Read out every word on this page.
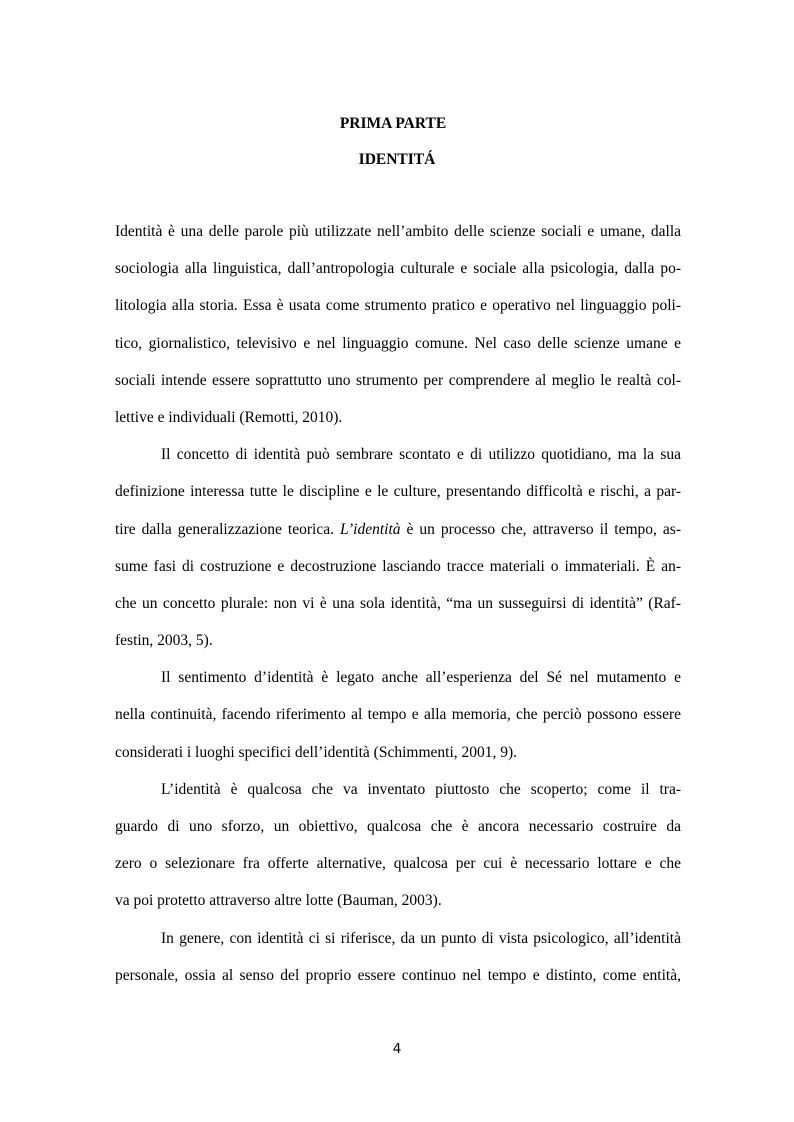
PRIMA PARTE
IDENTITÁ
Identità è una delle parole più utilizzate nell’ambito delle scienze sociali e umane, dalla
sociologia alla linguistica, dall’antropologia culturale e sociale alla psicologia, dalla po-
litologia alla storia. Essa è usata come strumento pratico e operativo nel linguaggio poli-
tico, giornalistico, televisivo e nel linguaggio comune. Nel caso delle scienze umane e
sociali intende essere soprattutto uno strumento per comprendere al meglio le realtà col-
lettive e individuali (Remotti, 2010).
Il concetto di identità può sembrare scontato e di utilizzo quotidiano, ma la sua
definizione interessa tutte le discipline e le culture, presentando difficoltà e rischi, a par-
tire dalla generalizzazione teorica. L’identità è un processo che, attraverso il tempo, as-
sume fasi di costruzione e decostruzione lasciando tracce materiali o immateriali. È an-
che un concetto plurale: non vi è una sola identità, “ma un susseguirsi di identità” (Raf-
festin, 2003, 5).
Il sentimento d’identità è legato anche all’esperienza del Sé nel mutamento e
nella continuità, facendo riferimento al tempo e alla memoria, che perciò possono essere
considerati i luoghi specifici dell’identità (Schimmenti, 2001, 9).
L’identità è qualcosa che va inventato piuttosto che scoperto; come il tra-
guardo di uno sforzo, un obiettivo, qualcosa che è ancora necessario costruire da
zero o selezionare fra offerte alternative, qualcosa per cui è necessario lottare e che
va poi protetto attraverso altre lotte (Bauman, 2003).
In genere, con identità ci si riferisce, da un punto di vista psicologico, all’identità
personale, ossia al senso del proprio essere continuo nel tempo e distinto, come entità,
4
